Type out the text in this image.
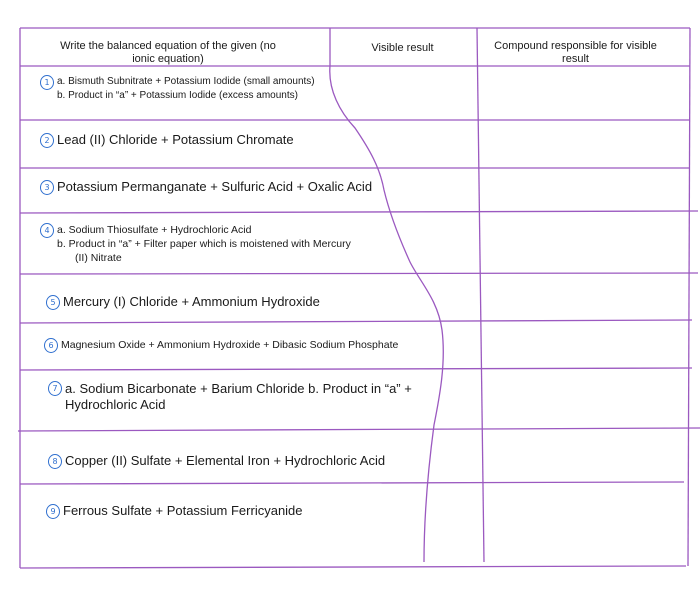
Write the balanced equation of the given (no ionic equation)
Visible result	Compound responsible for visible result
1 a. Bismuth Subnitrate + Potassium Iodide (small amounts)
b. Product in “a” + Potassium Iodide (excess amounts)
2 Lead (II) Chloride + Potassium Chromate
3 Potassium Permanganate + Sulfuric Acid + Oxalic Acid
4 a. Sodium Thiosulfate + Hydrochloric Acid
b. Product in “a” + Filter paper which is moistened with Mercury
(II) Nitrate
5 Mercury (I) Chloride + Ammonium Hydroxide
6 Magnesium Oxide + Ammonium Hydroxide + Dibasic Sodium Phosphate
7 a. Sodium Bicarbonate + Barium Chloride b. Product in “a” +
Hydrochloric Acid
8 Copper (II) Sulfate + Elemental Iron + Hydrochloric Acid
9 Ferrous Sulfate + Potassium Ferricyanide
